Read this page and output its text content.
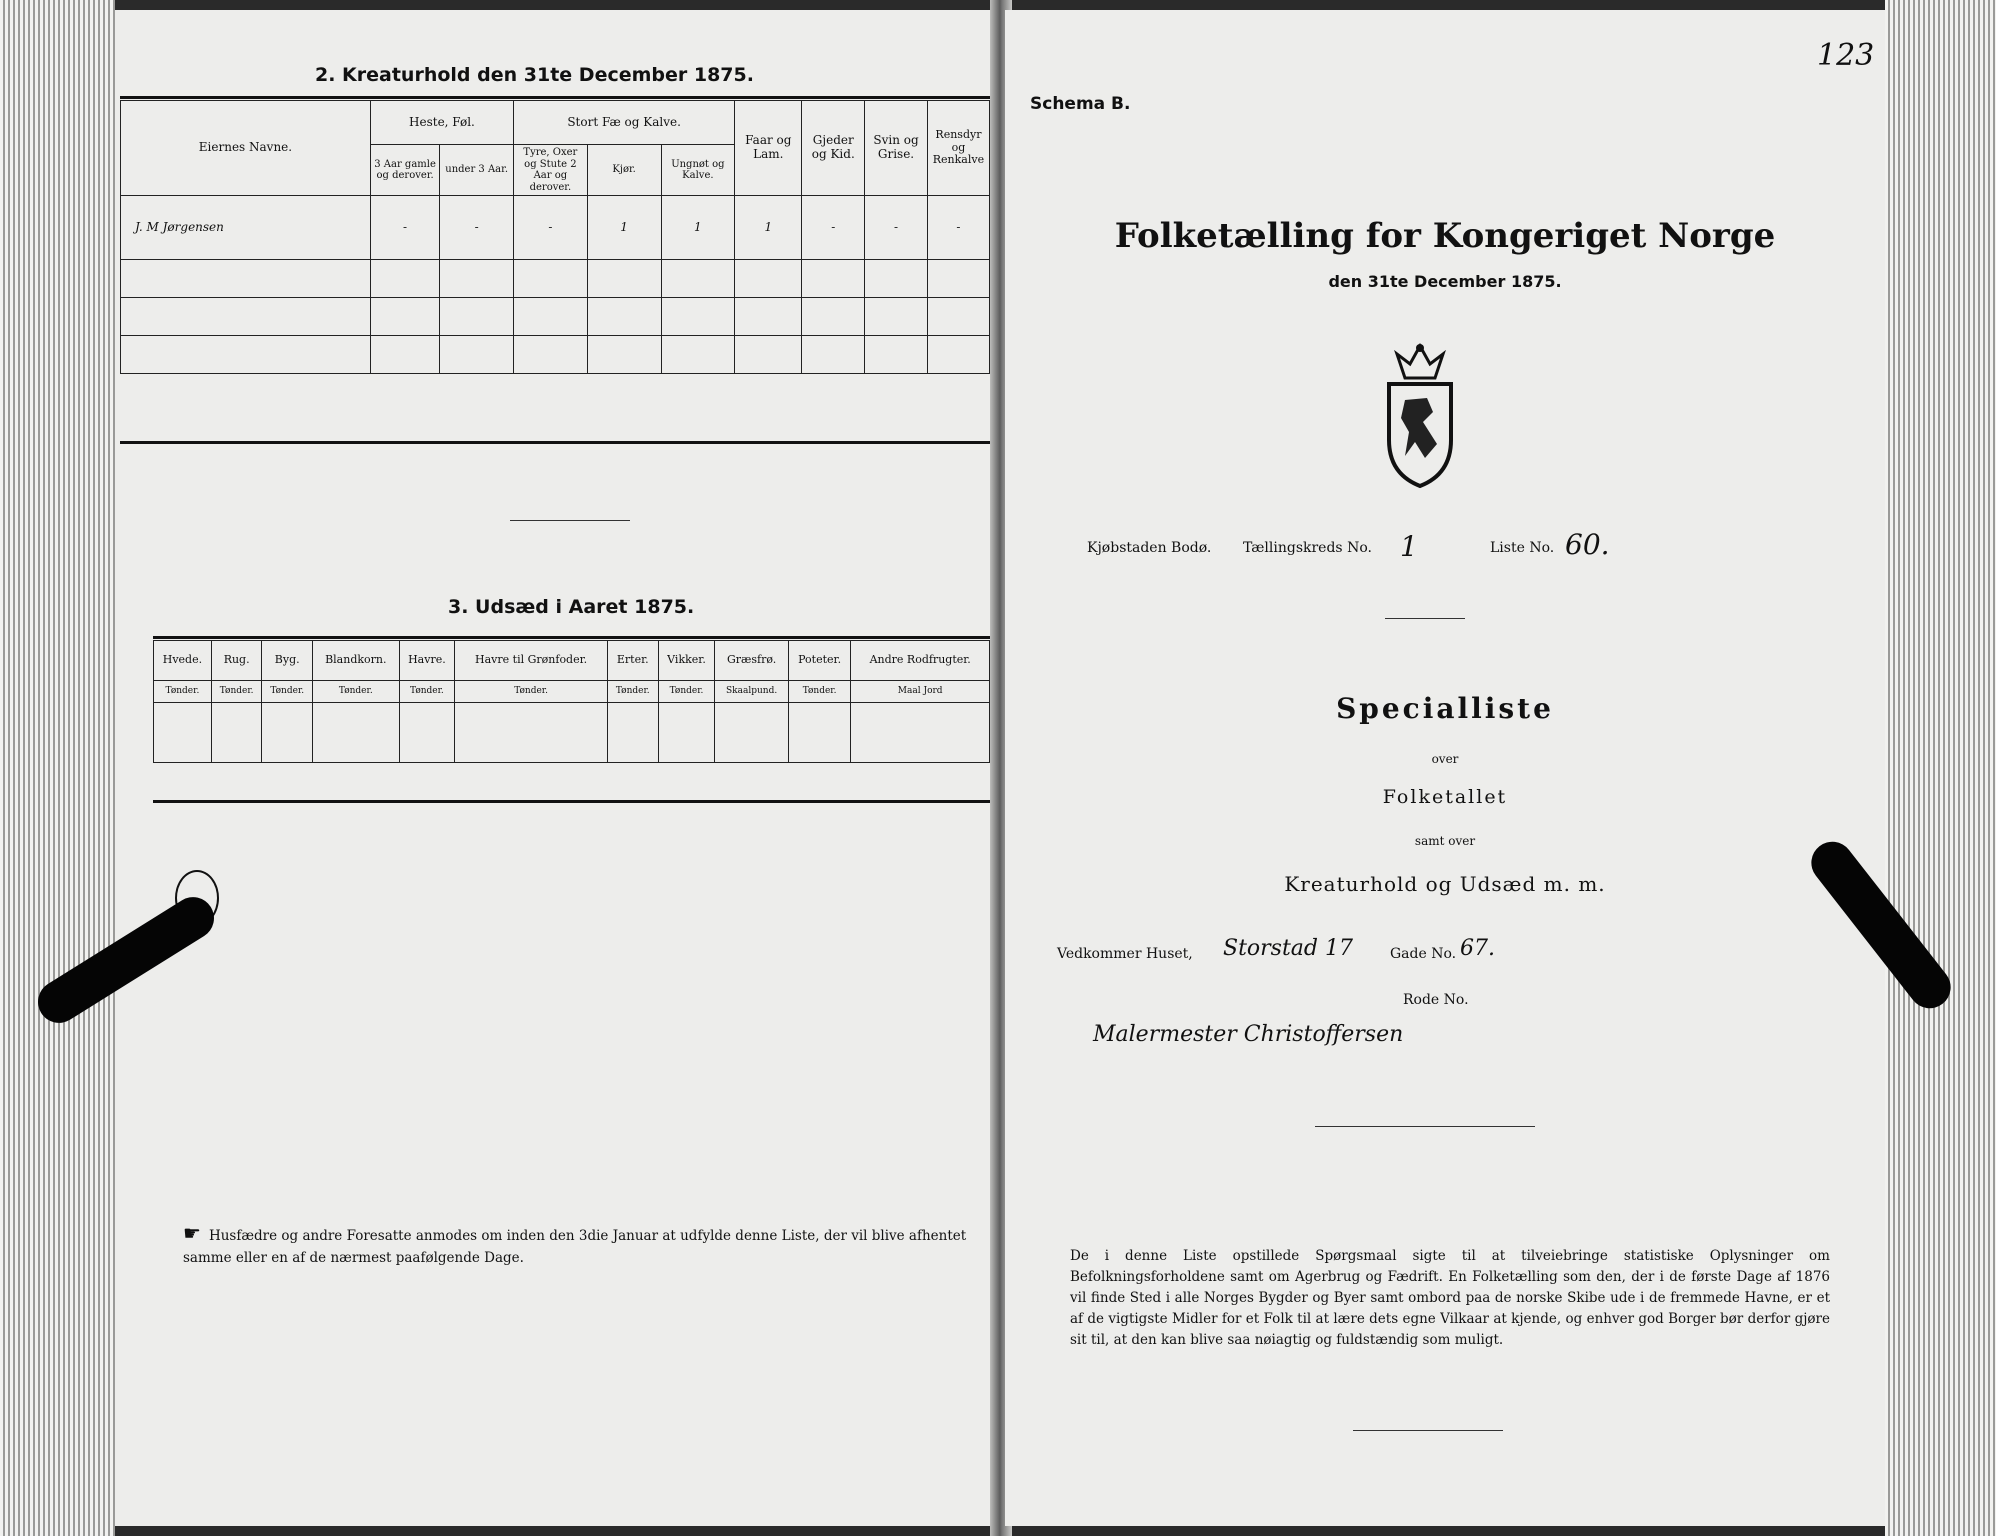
2. Kreaturhold den 31te December 1875.
Eiernes Navne.	Heste, Føl.		Stort Fæ og Kalve.			Faar og Lam.	Gjeder og Kid.	Svin og Grise.	Rensdyr og Renkalve
	3 Aar gamle og derover.	under 3 Aar.	Tyre, Oxer og Stute 2 Aar og derover.	Kjør.	Ungnøt og Kalve.				
J. M Jørgensen	-	-	-	1	1	1	-	-	-

3. Udsæd i Aaret 1875.
Hvede.	Rug.	Byg.	Blandkorn.	Havre.	Havre til Grønfoder.	Erter.	Vikker.	Græsfrø.	Poteter.	Andre Rodfrugter.
Tønder.	Tønder.	Tønder.	Tønder.	Tønder.	Tønder.	Tønder.	Tønder.	Skaalpund.	Tønder.	Maal Jord

☛ Husfædre og andre Foresatte anmodes om inden den 3die Januar at udfylde denne Liste, der vil blive afhentet samme eller en af de nærmest paafølgende Dage.
123
Schema B.
Folketælling for Kongeriget Norge
den 31te December 1875.
Kjøbstaden Bodø. Tællingskreds No. 1	Liste No. 60.
Specialliste
over
Folketallet
samt over
Kreaturhold og Udsæd m. m.
Vedkommer Huset, Storstad 17	Gade No. 67.
Rode No.
Malermester Christoffersen
De i denne Liste opstillede Spørgsmaal sigte til at tilveiebringe statistiske Oplysninger om Befolkningsforholdene samt om Agerbrug og Fædrift. En Folketælling som den, der i de første Dage af 1876 vil finde Sted i alle Norges Bygder og Byer samt ombord paa de norske Skibe ude i de fremmede Havne, er et af de vigtigste Midler for et Folk til at lære dets egne Vilkaar at kjende, og enhver god Borger bør derfor gjøre sit til, at den kan blive saa nøiagtig og fuldstændig som muligt.
